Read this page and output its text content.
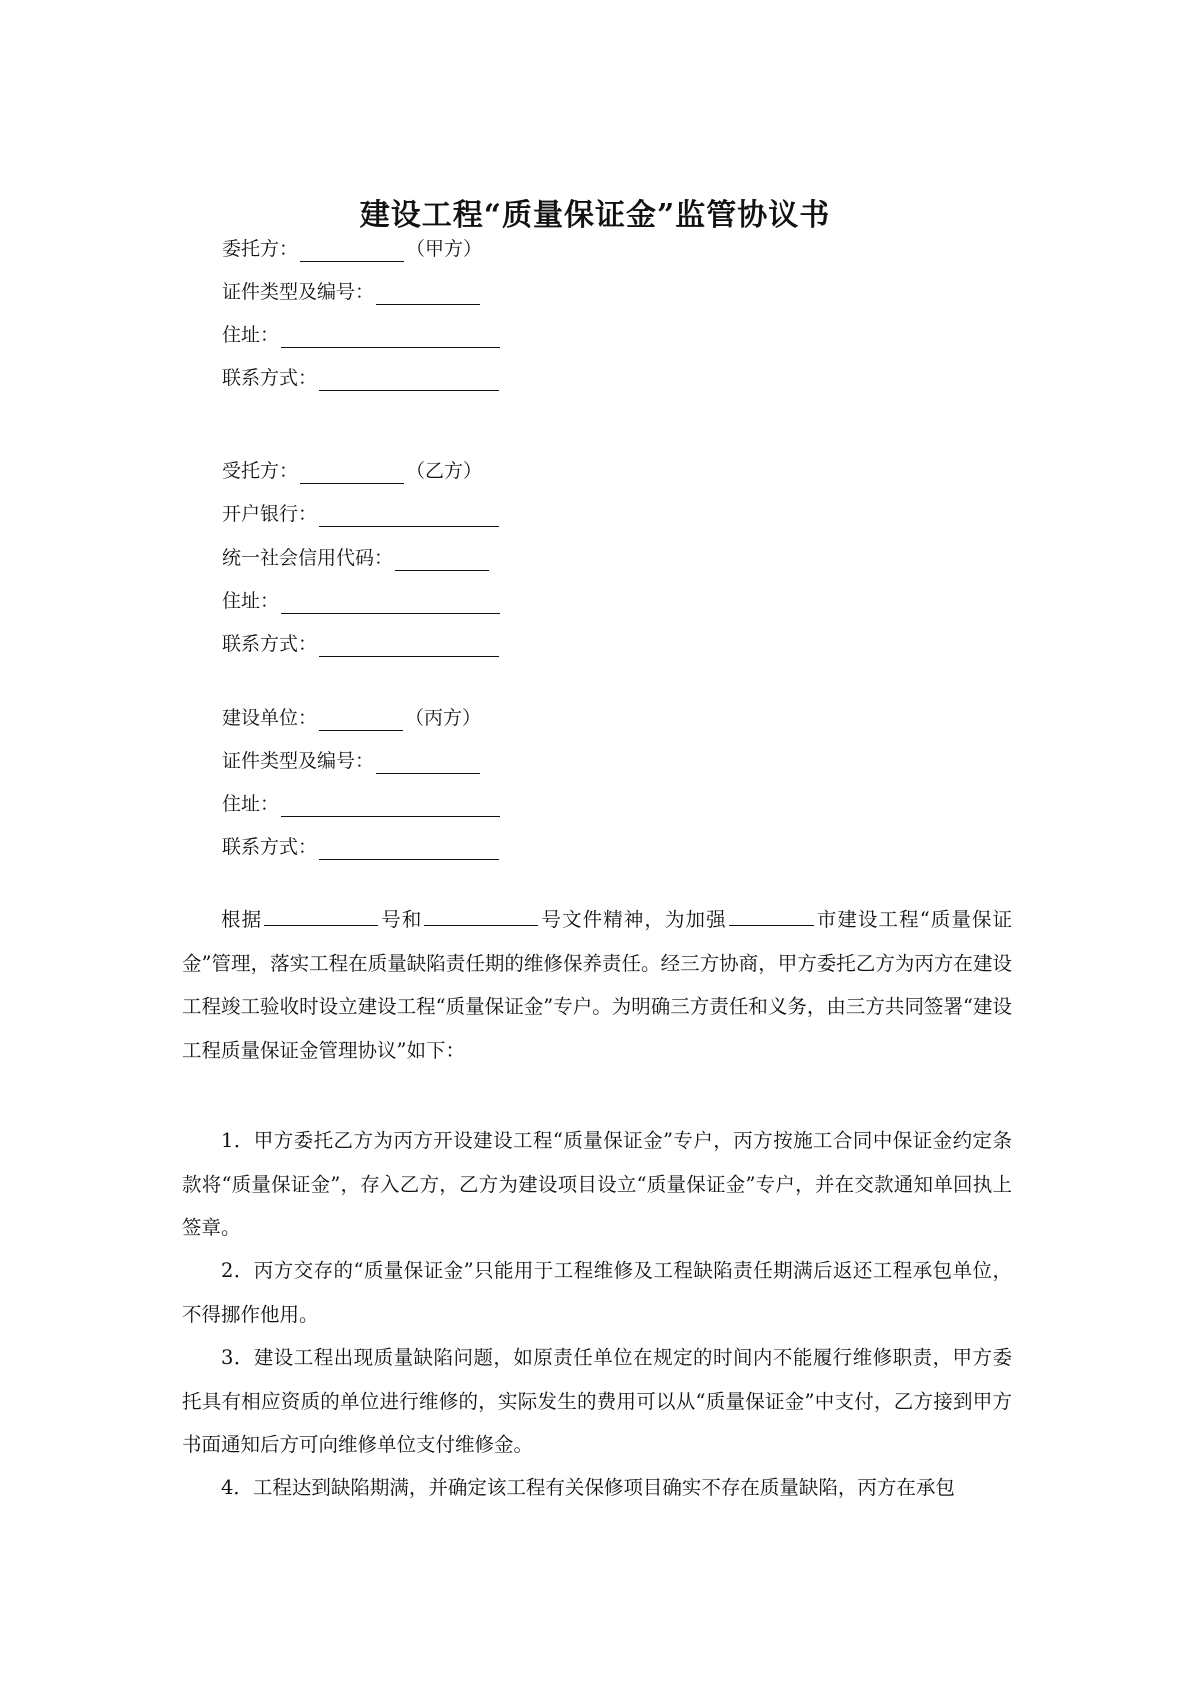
建设工程“质量保证金”监管协议书
委托方：	（甲方）
证件类型及编号：
住址：
联系方式：
受托方：	（乙方）
开户银行：
统一社会信用代码：
住址：
联系方式：
建设单位：	（丙方）
证件类型及编号：
住址：
联系方式：

根据	号和	号文件精神，为加强	市建设工程“质量保证金”管理，落实工程在质量缺陷责任期的维修保养责任。经三方协商，甲方委托乙方为丙方在建设工程竣工验收时设立建设工程“质量保证金”专户。为明确三方责任和义务，由三方共同签署“建设工程质量保证金管理协议”如下：

1．甲方委托乙方为丙方开设建设工程“质量保证金”专户，丙方按施工合同中保证金约定条款将“质量保证金”，存入乙方，乙方为建设项目设立“质量保证金”专户，并在交款通知单回执上签章。

2．丙方交存的“质量保证金”只能用于工程维修及工程缺陷责任期满后返还工程承包单位，不得挪作他用。

3．建设工程出现质量缺陷问题，如原责任单位在规定的时间内不能履行维修职责，甲方委托具有相应资质的单位进行维修的，实际发生的费用可以从“质量保证金”中支付，乙方接到甲方书面通知后方可向维修单位支付维修金。

4．工程达到缺陷期满，并确定该工程有关保修项目确实不存在质量缺陷，丙方在承包
